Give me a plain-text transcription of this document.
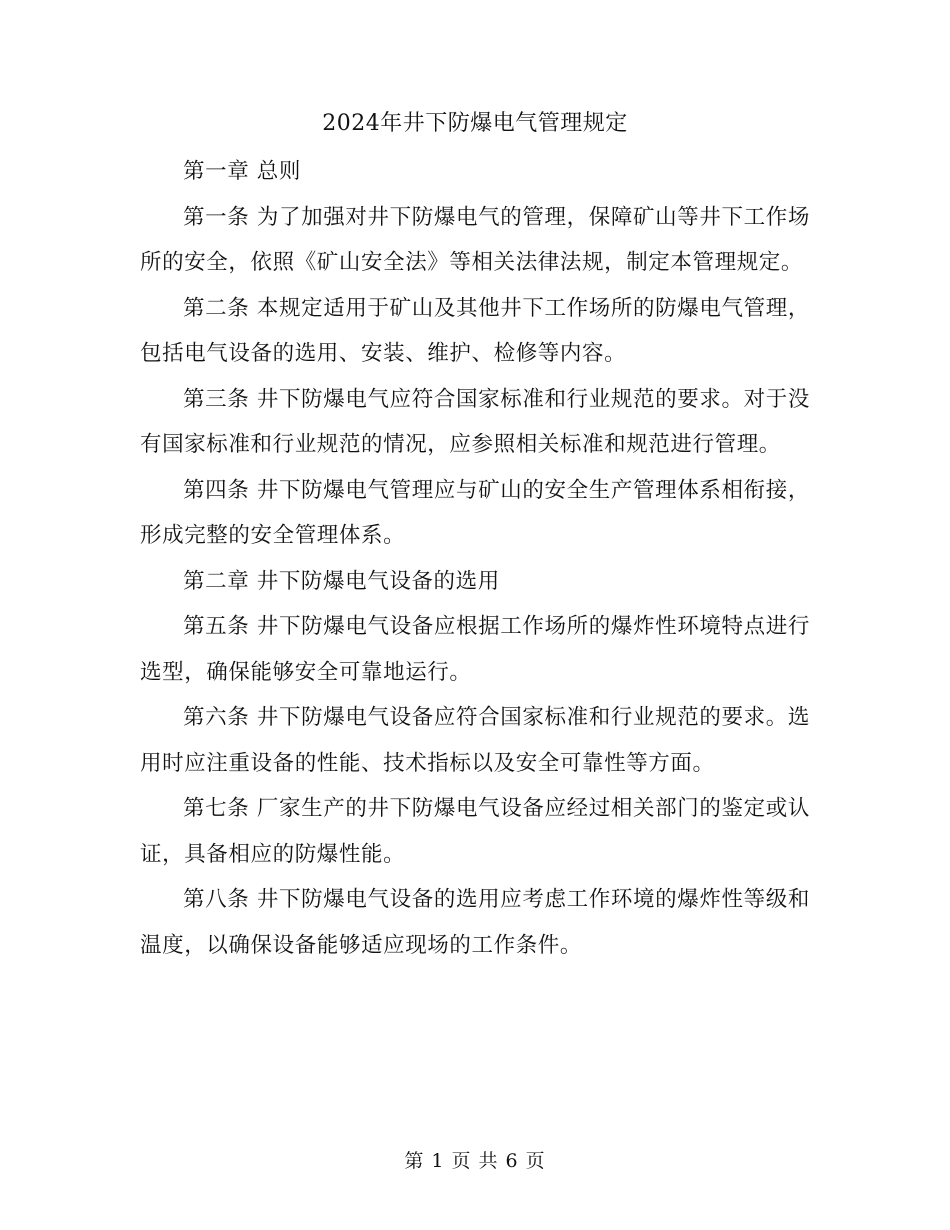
2024年井下防爆电气管理规定

第一章 总则

第一条 为了加强对井下防爆电气的管理，保障矿山等井下工作场所的安全，依照《矿山安全法》等相关法律法规，制定本管理规定。

第二条 本规定适用于矿山及其他井下工作场所的防爆电气管理，包括电气设备的选用、安装、维护、检修等内容。

第三条 井下防爆电气应符合国家标准和行业规范的要求。对于没有国家标准和行业规范的情况，应参照相关标准和规范进行管理。

第四条 井下防爆电气管理应与矿山的安全生产管理体系相衔接，形成完整的安全管理体系。

第二章 井下防爆电气设备的选用

第五条 井下防爆电气设备应根据工作场所的爆炸性环境特点进行选型，确保能够安全可靠地运行。

第六条 井下防爆电气设备应符合国家标准和行业规范的要求。选用时应注重设备的性能、技术指标以及安全可靠性等方面。

第七条 厂家生产的井下防爆电气设备应经过相关部门的鉴定或认证，具备相应的防爆性能。

第八条 井下防爆电气设备的选用应考虑工作环境的爆炸性等级和温度，以确保设备能够适应现场的工作条件。

第 1 页 共 6 页
